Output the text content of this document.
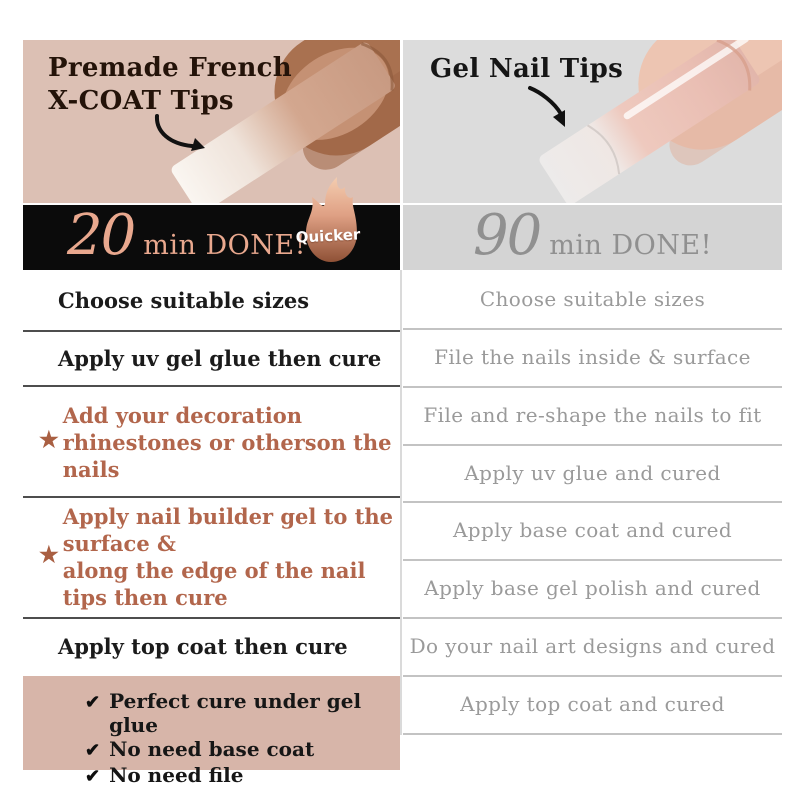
Premade French
X-COAT Tips
Gel Nail Tips
20 min DONE!
Quicker 90 min DONE!
Choose suitable sizes
Apply uv gel glue then cure
★
Add your decoration
rhinestones or otherson the nails
★
Apply nail builder gel to the surface &
along the edge of the nail tips then cure
Apply top coat then cure
✔ Perfect cure under gel glue
✔ No need base coat
✔ No need file
Choose suitable sizes
File the nails inside & surface
File and re-shape the nails to fit
Apply uv glue and cured
Apply base coat and cured
Apply base gel polish and cured
Do your nail art designs and cured
Apply top coat and cured
